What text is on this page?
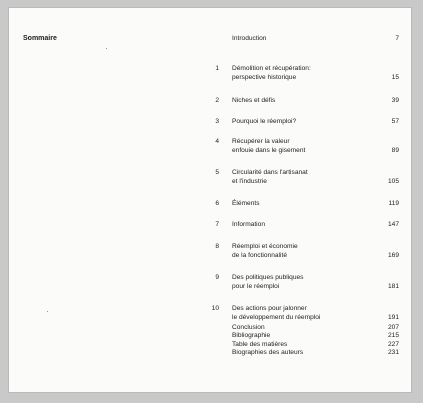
Sommaire	Introduction	7
1 Démolition et récupération:
perspective historique	15
2 Niches et défis	39
3 Pourquoi le réemploi?	57
4 Récupérer la valeur
enfouie dans le gisement	89
5 Circularité dans l'artisanat
et l'industrie	105
6 Éléments	119
7 Information	147
8 Réemploi et économie
de la fonctionnalité	169
9 Des politiques publiques
pour le réemploi	181
10 Des actions pour jalonner
le développement du réemploi	191
Conclusion	207
Bibliographie	215
Table des matières	227
Biographies des auteurs	231
